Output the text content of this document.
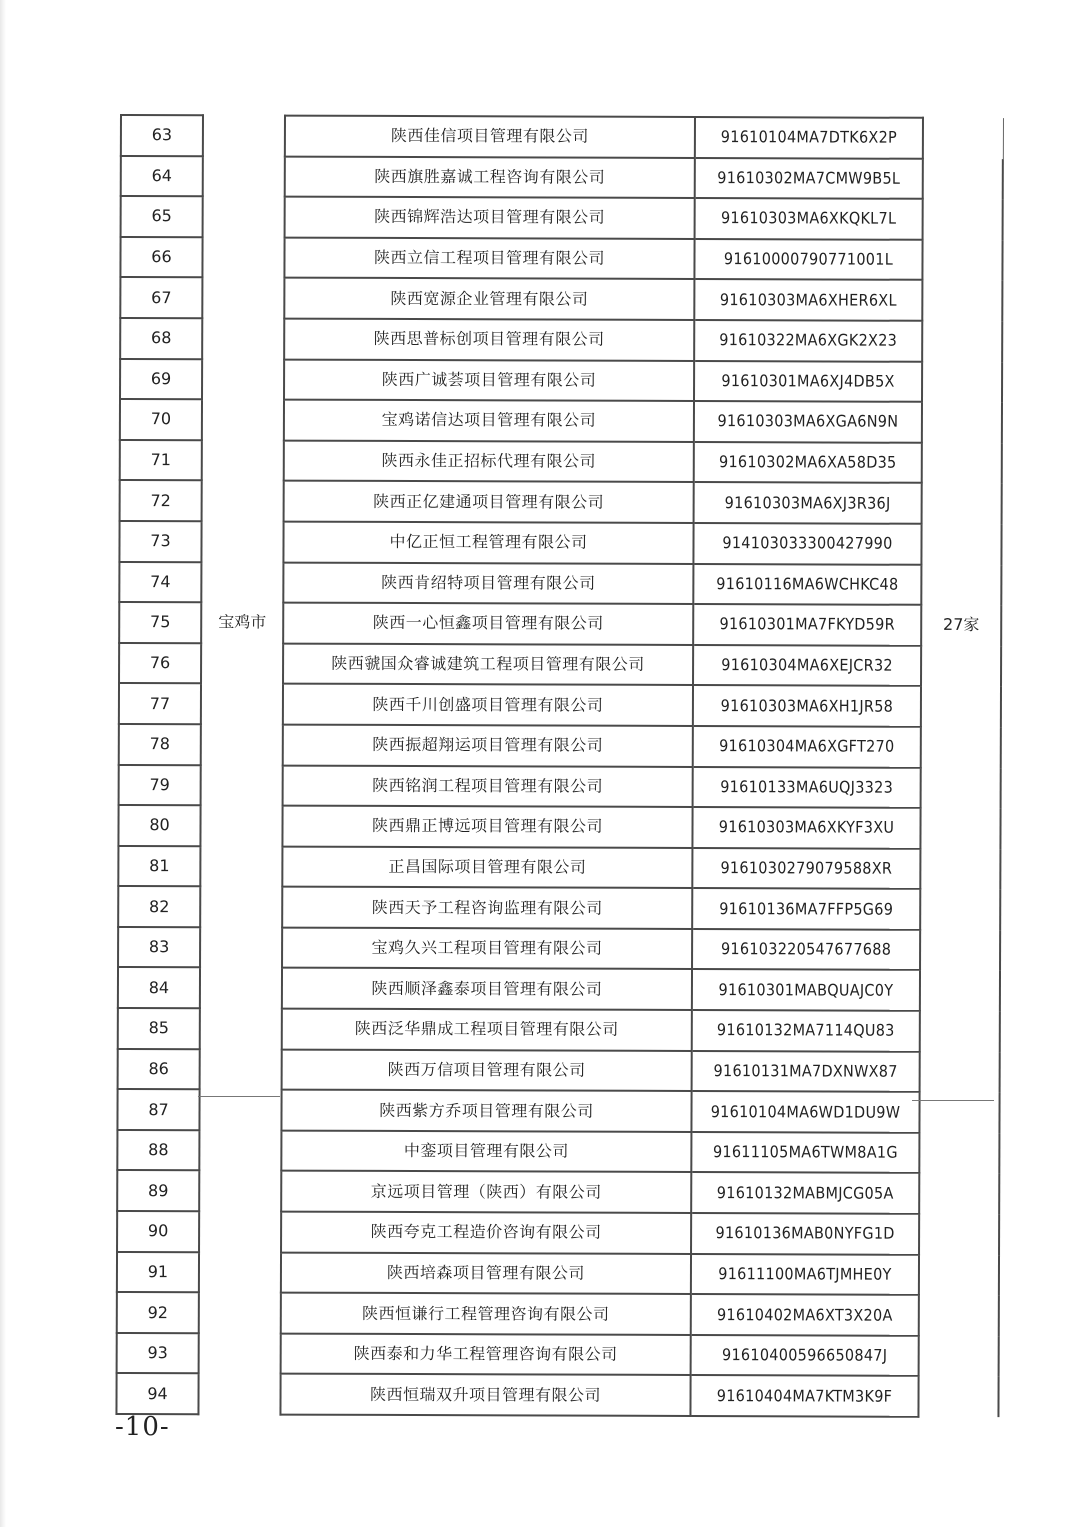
63	宝鸡市	陕西佳信项目管理有限公司	91610104MA7DTK6X2P	27家	
64		陕西旗胜嘉诚工程咨询有限公司	91610302MA7CMW9B5L		
65		陕西锦辉浩达项目管理有限公司	91610303MA6XKQKL7L		
66		陕西立信工程项目管理有限公司	91610000790771001L		
67		陕西宽源企业管理有限公司	91610303MA6XHER6XL		
68		陕西思普标创项目管理有限公司	91610322MA6XGK2X23		
69		陕西广诚荟项目管理有限公司	91610301MA6XJ4DB5X		
70		宝鸡诺信达项目管理有限公司	91610303MA6XGA6N9N		
71		陕西永佳正招标代理有限公司	91610302MA6XA58D35		
72		陕西正亿建通项目管理有限公司	91610303MA6XJ3R36J		
73		中亿正恒工程管理有限公司	914103033300427990		
74		陕西肯绍特项目管理有限公司	91610116MA6WCHKC48		
75		陕西一心恒鑫项目管理有限公司	91610301MA7FKYD59R		
76		陕西虢国众睿诚建筑工程项目管理有限公司	91610304MA6XEJCR32		
77		陕西千川创盛项目管理有限公司	91610303MA6XH1JR58		
78		陕西振超翔运项目管理有限公司	91610304MA6XGFT270		
79		陕西铭润工程项目管理有限公司	91610133MA6UQJ3323		
80		陕西鼎正博远项目管理有限公司	91610303MA6XKYF3XU		
81		正昌国际项目管理有限公司	9161030279079588XR		
82		陕西天予工程咨询监理有限公司	91610136MA7FFP5G69		
83		宝鸡久兴工程项目管理有限公司	916103220547677688		
84		陕西顺泽鑫泰项目管理有限公司	91610301MABQUAJC0Y		
85		陕西泛华鼎成工程项目管理有限公司	91610132MA7114QU83		
86		陕西万信项目管理有限公司	91610131MA7DXNWX87		
87		陕西紫方乔项目管理有限公司	91610104MA6WD1DU9W		
88		中銮项目管理有限公司	91611105MA6TWM8A1G		
89		京远项目管理（陕西）有限公司	91610132MABMJCG05A		
90		陕西夸克工程造价咨询有限公司	91610136MAB0NYFG1D		
91		陕西培森项目管理有限公司	91611100MA6TJMHE0Y		
92		陕西恒谦行工程管理咨询有限公司	91610402MA6XT3X20A		
93		陕西泰和力华工程管理咨询有限公司	91610400596650847J		
94		陕西恒瑞双升项目管理有限公司	91610404MA7KTM3K9F		
-10-
